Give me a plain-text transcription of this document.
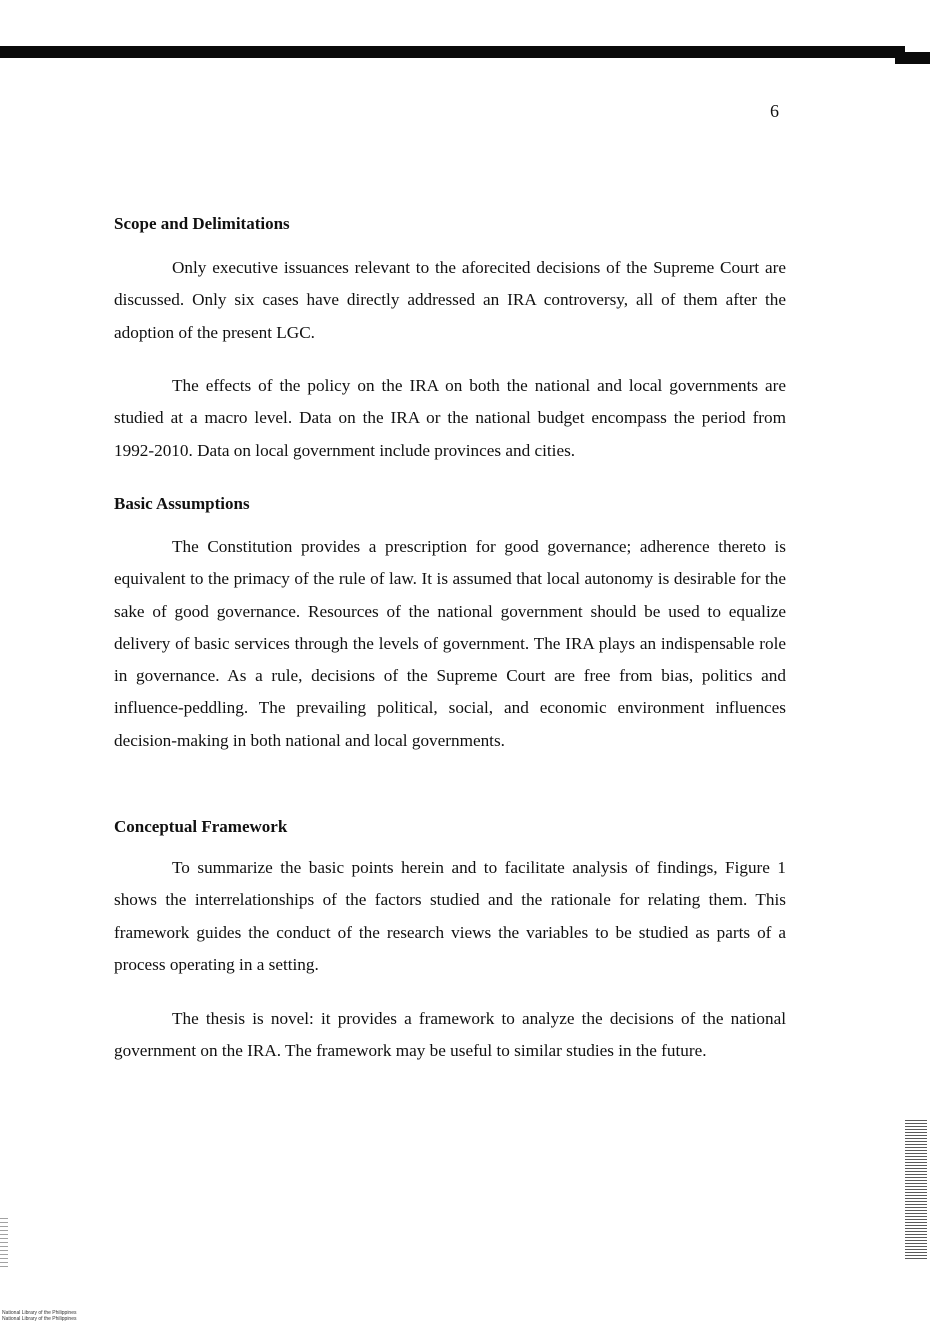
6
Scope and Delimitations

Only executive issuances relevant to the aforecited decisions of the Supreme Court are discussed. Only six cases have directly addressed an IRA controversy, all of them after the adoption of the present LGC.

The effects of the policy on the IRA on both the national and local governments are studied at a macro level. Data on the IRA or the national budget encompass the period from 1992-2010. Data on local government include provinces and cities.

Basic Assumptions

The Constitution provides a prescription for good governance; adherence thereto is equivalent to the primacy of the rule of law. It is assumed that local autonomy is desirable for the sake of good governance. Resources of the national government should be used to equalize delivery of basic services through the levels of government. The IRA plays an indispensable role in governance. As a rule, decisions of the Supreme Court are free from bias, politics and influence-peddling. The prevailing political, social, and economic environment influences decision-making in both national and local governments.

Conceptual Framework

To summarize the basic points herein and to facilitate analysis of findings, Figure 1 shows the interrelationships of the factors studied and the rationale for relating them. This framework guides the conduct of the research views the variables to be studied as parts of a process operating in a setting.

The thesis is novel: it provides a framework to analyze the decisions of the national government on the IRA. The framework may be useful to similar studies in the future.

National Library of the Philippines
National Library of the Philippines
